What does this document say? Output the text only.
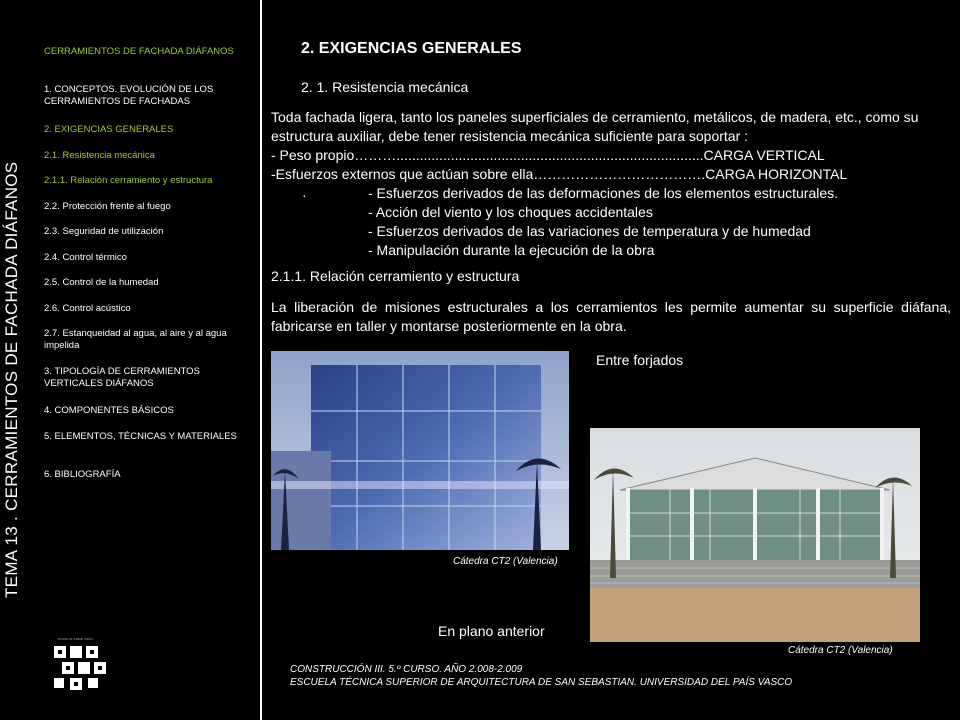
TEMA 13 . CERRAMIENTOS DE FACHADA DIÁFANOS
CERRAMIENTOS DE FACHADA DIÁFANOS
1. CONCEPTOS. EVOLUCIÓN DE LOS CERRAMIENTOS DE FACHADAS
2. EXIGENCIAS GENERALES
2.1. Resistencia mecánica
2.1.1. Relación cerramiento y estructura
2.2. Protección frente al fuego
2.3. Seguridad de utilización
2.4. Control térmico
2.5. Control de la humedad
2.6. Control acústico
2.7. Estanqueidad al agua, al aire y al agua impelida
3. TIPOLOGÍA DE CERRAMIENTOS VERTICALES DIÁFANOS
4. COMPONENTES BÁSICOS
5. ELEMENTOS, TÉCNICAS Y MATERIALES
6. BIBLIOGRAFÍA
eman ta zabal zazu
2. EXIGENCIAS GENERALES
2. 1. Resistencia mecánica

Toda fachada ligera, tanto los paneles superficiales de cerramiento, metálicos, de madera, etc., como su estructura auxiliar, debe tener resistencia mecánica suficiente para soportar :

- Peso propio………...............................................................................CARGA VERTICAL

-Esfuerzos externos que actúan sobre ella……………………………….CARGA HORIZONTAL

·	- Esfuerzos derivados de las deformaciones de los elementos estructurales.

- Acción del viento y los choques accidentales

- Esfuerzos derivados de las variaciones de temperatura y de humedad

- Manipulación durante la ejecución de la obra

2.1.1. Relación cerramiento y estructura
La liberación de misiones estructurales a los cerramientos les permite aumentar su superficie diáfana, fabricarse en taller y montarse posteriormente en la obra.
Entre forjados
Cátedra CT2 (Valencia)
En plano anterior
Cátedra CT2 (Valencia)
CONSTRUCCIÓN III. 5.º CURSO. AÑO 2.008-2.009
ESCUELA TÉCNICA SUPERIOR DE ARQUITECTURA DE SAN SEBASTIAN. UNIVERSIDAD DEL PAÍS VASCO
